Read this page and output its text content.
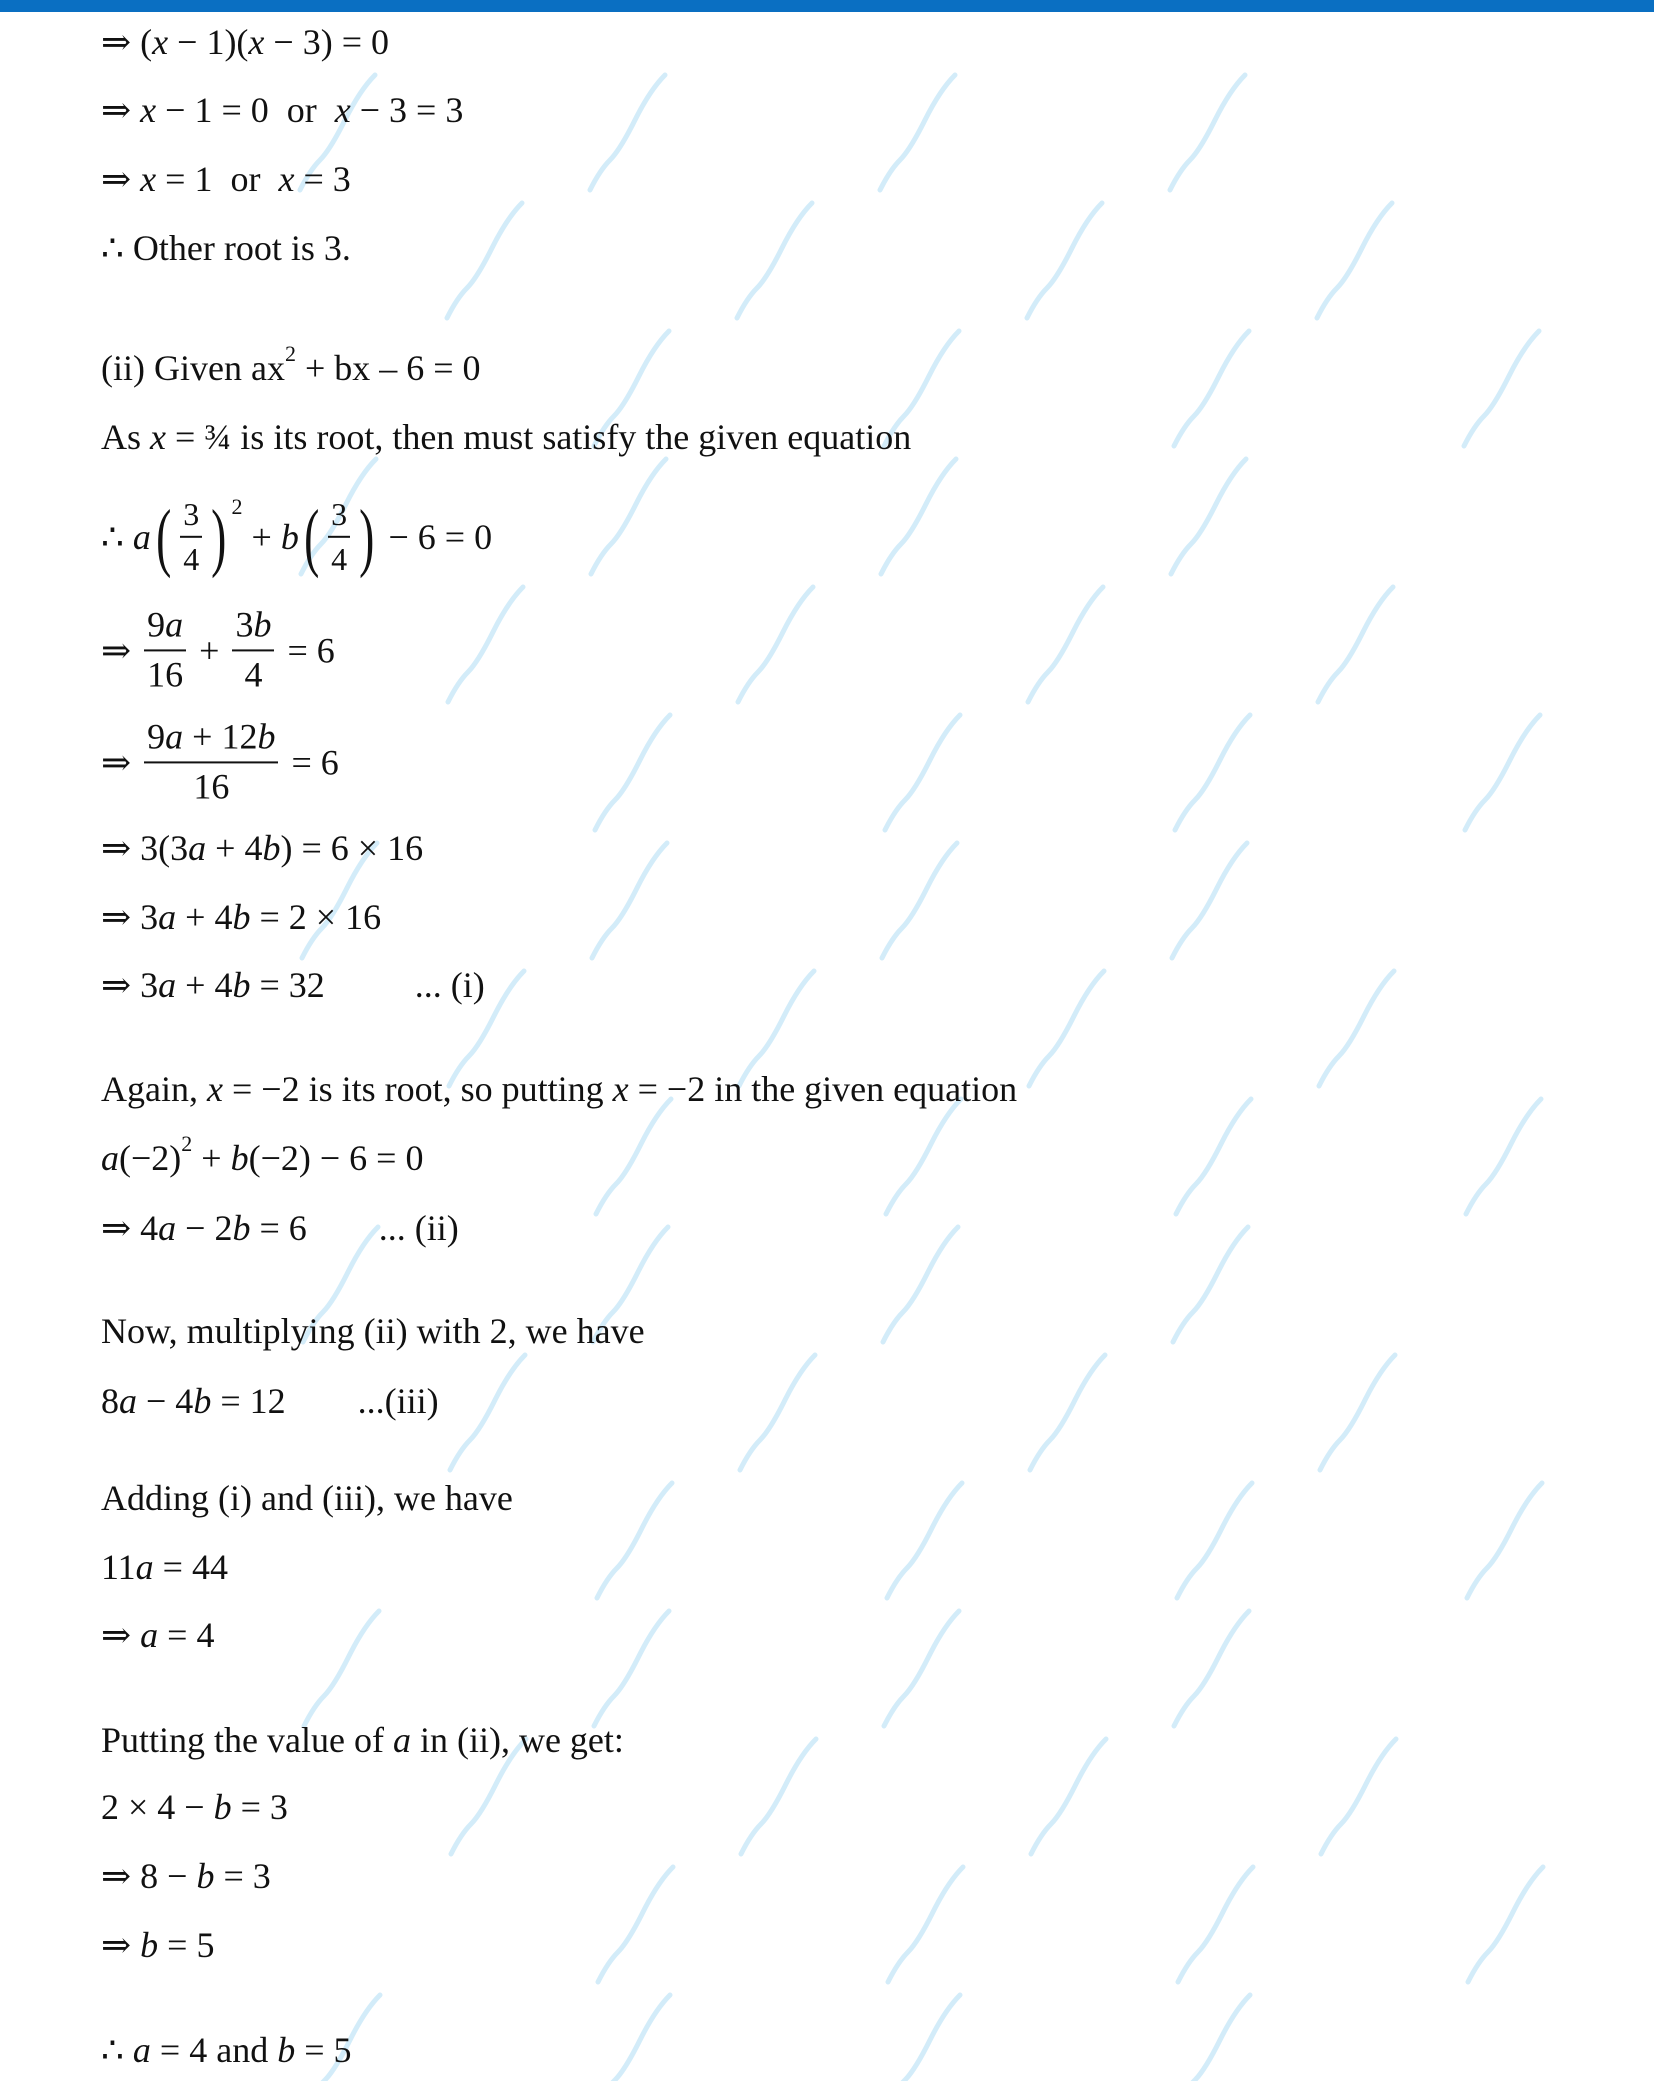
⇒ ( x − 1)( x − 3) = 0
⇒ x − 1 = 0  or x − 3 = 3
⇒ x = 1  or x = 3
∴ Other root is 3.
(ii) Given ax 2 + bx – 6 = 0
As x = ¾ is its root, then must satisfy the given equation
∴ a ( $\frac{3}{4}$ ) 2
+ b ( $\frac{3}{4}$ ) − 6 = 0
⇒ $\frac{9a}{16} + \frac{3b}{4} = 6$
⇒ $\frac{9a + 12b}{16} = 6$
⇒ 3(3 a + 4 b ) = 6 × 16
⇒ 3 a + 4 b = 2 × 16
⇒ 3 a + 4 b = 32          ... (i)
Again, x = −2 is its root, so putting x = −2 in the given equation
a (−2) 2 + b (−2) − 6 = 0
⇒ 4 a − 2 b = 6        ... (ii)
Now, multiplying (ii) with 2, we have
8 a − 4 b = 12        ...(iii)
Adding (i) and (iii), we have
11 a = 44
⇒ a = 4
Putting the value of a in (ii), we get:
2 × 4 − b = 3
⇒ 8 − b = 3
⇒ b = 5
∴ a = 4 and b = 5
